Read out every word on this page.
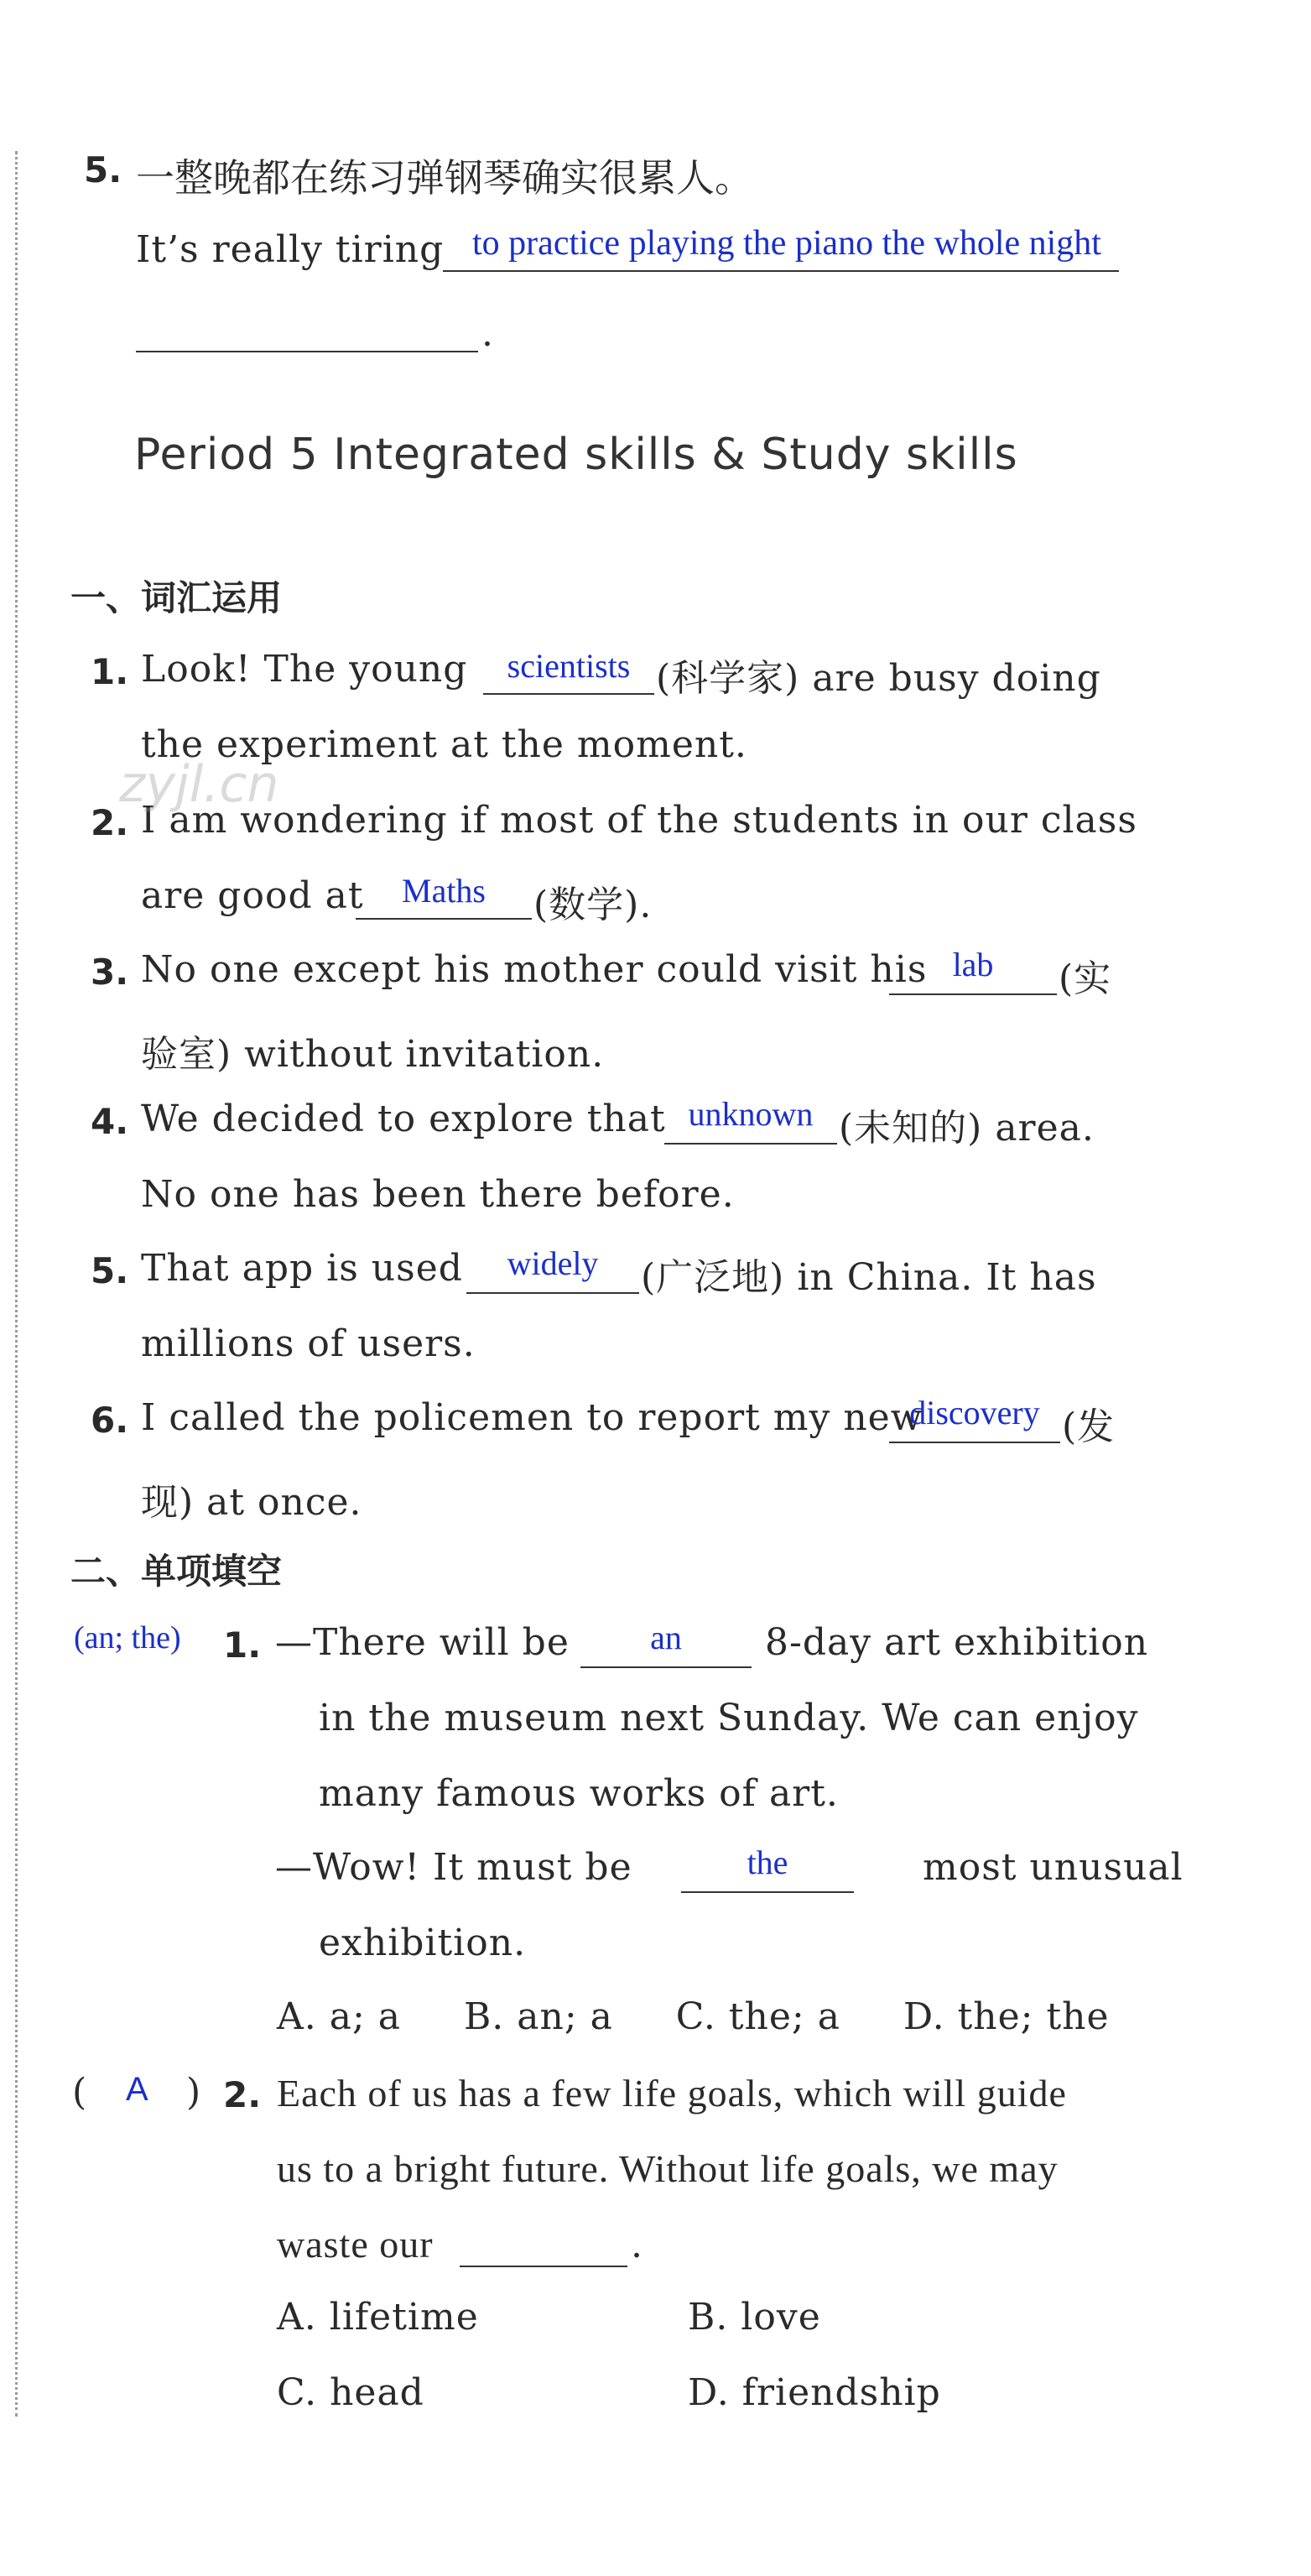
5. 一整晚都在练习弹钢琴确实很累人。
It’s really tiring to practice playing the piano the whole night
.
Period 5 Integrated skills & Study skills
一、词汇运用
1. Look! The young	scientists (科学家) are busy doing
the experiment at the moment.
2. I am wondering if most of the students in our class
are good at	Maths	(数学).
3. No one except his mother could visit his lab	(实
验室) without invitation.
4. We decided to explore that unknown (未知的) area.
No one has been there before.
5. That app is used	widely	(广泛地) in China. It has
millions of users.
6. I called the policemen to report my new
discovery (发
现) at once.
二、单项填空
(an; the) 1. —There will be	an	8-day art exhibition
in the museum next Sunday. We can enjoy
many famous works of art.
—Wow! It must be	the	most unusual
exhibition.
A. a; a     B. an; a     C. the; a     D. the; the
( A ) 2. Each of us has a few life goals, which will guide
us to a bright future. Without life goals, we may
waste our	.
A. lifetime	B. love
C. head	D. friendship
zyjl.cn
